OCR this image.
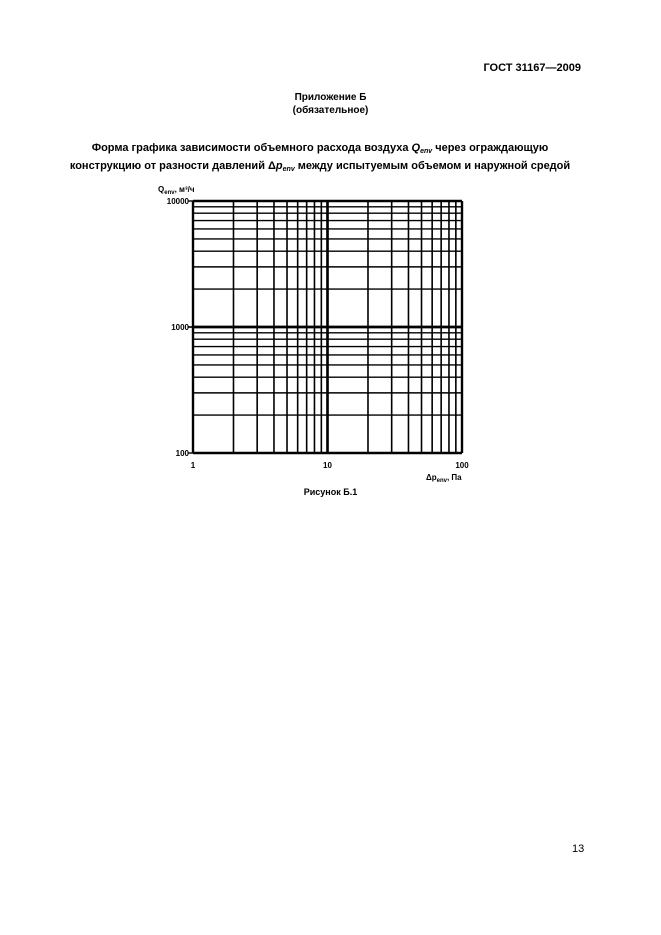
ГОСТ 31167—2009
Приложение Б
(обязательное)
Форма графика зависимости объемного расхода воздуха $Q_{env}$ через ограждающую
конструкцию от разности давлений $\Delta p_{env}$ между испытуемым объемом и наружной средой
100
1000
10000
1	10	100
$Q_{env}$, м³/ч
$\Delta p_{env}$, Па
Рисунок Б.1
13
